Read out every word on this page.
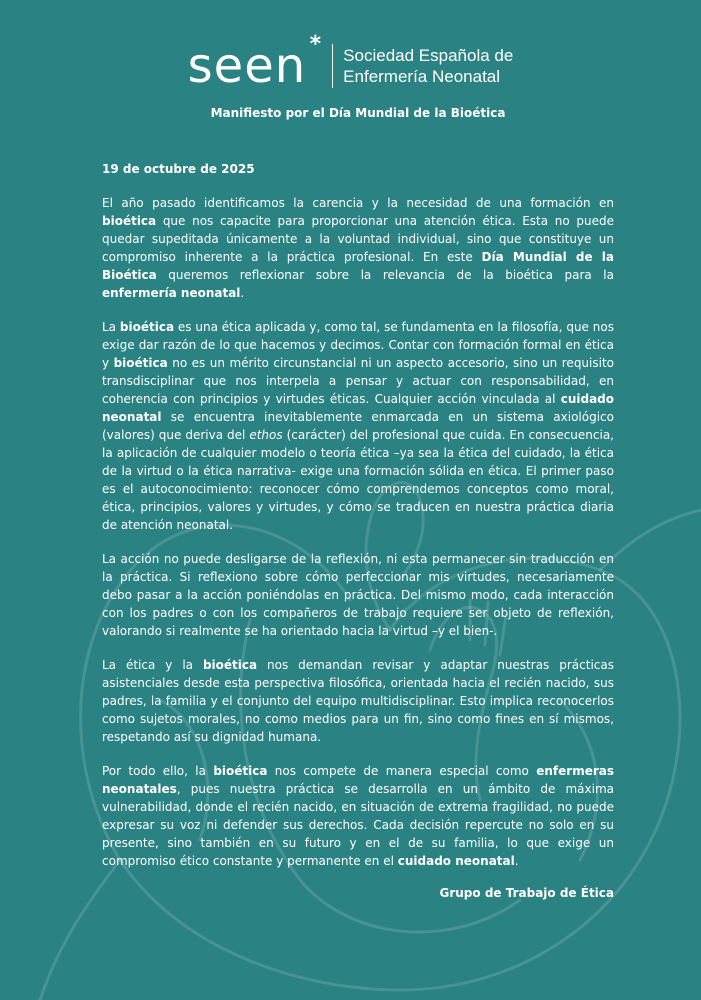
seen * Sociedad Española de
Enfermería Neonatal
Manifiesto por el Día Mundial de la Bioética
19 de octubre de 2025

El año pasado identificamos la carencia y la necesidad de una formación en bioética que nos capacite para proporcionar una atención ética. Esta no puede quedar supeditada únicamente a la voluntad individual, sino que constituye un compromiso inherente a la práctica profesional. En este Día Mundial de la Bioética queremos reflexionar sobre la relevancia de la bioética para la enfermería neonatal.

La bioética es una ética aplicada y, como tal, se fundamenta en la filosofía, que nos exige dar razón de lo que hacemos y decimos. Contar con formación formal en ética y bioética no es un mérito circunstancial ni un aspecto accesorio, sino un requisito transdisciplinar que nos interpela a pensar y actuar con responsabilidad, en coherencia con principios y virtudes éticas. Cualquier acción vinculada al cuidado neonatal se encuentra inevitablemente enmarcada en un sistema axiológico (valores) que deriva del ethos (carácter) del profesional que cuida. En consecuencia, la aplicación de cualquier modelo o teoría ética –ya sea la ética del cuidado, la ética de la virtud o la ética narrativa- exige una formación sólida en ética. El primer paso es el autoconocimiento: reconocer cómo comprendemos conceptos como moral, ética, principios, valores y virtudes, y cómo se traducen en nuestra práctica diaria de atención neonatal.

La acción no puede desligarse de la reflexión, ni esta permanecer sin traducción en la práctica. Si reflexiono sobre cómo perfeccionar mis virtudes, necesariamente debo pasar a la acción poniéndolas en práctica. Del mismo modo, cada interacción con los padres o con los compañeros de trabajo requiere ser objeto de reflexión, valorando si realmente se ha orientado hacia la virtud –y el bien-.

La ética y la bioética nos demandan revisar y adaptar nuestras prácticas asistenciales desde esta perspectiva filosófica, orientada hacia el recién nacido, sus padres, la familia y el conjunto del equipo multidisciplinar. Esto implica reconocerlos como sujetos morales, no como medios para un fin, sino como fines en sí mismos, respetando así su dignidad humana.

Por todo ello, la bioética nos compete de manera especial como enfermeras neonatales, pues nuestra práctica se desarrolla en un ámbito de máxima vulnerabilidad, donde el recién nacido, en situación de extrema fragilidad, no puede expresar su voz ni defender sus derechos. Cada decisión repercute no solo en su presente, sino también en su futuro y en el de su familia, lo que exige un compromiso ético constante y permanente en el cuidado neonatal.

Grupo de Trabajo de Ética
